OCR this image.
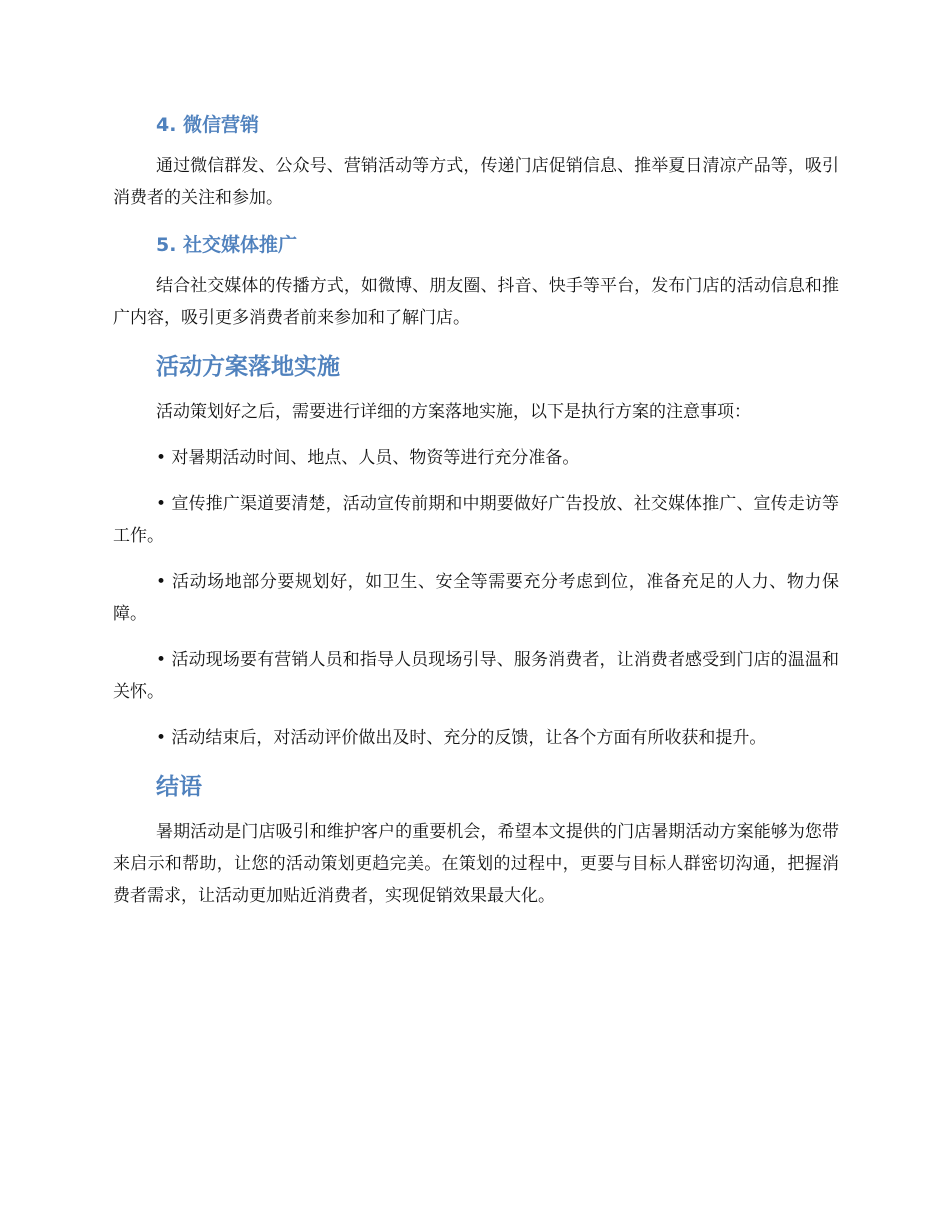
4. 微信营销

通过微信群发、公众号、营销活动等方式，传递门店促销信息、推举夏日清凉产品等，吸引消费者的关注和参加。

5. 社交媒体推广

结合社交媒体的传播方式，如微博、朋友圈、抖音、快手等平台，发布门店的活动信息和推广内容，吸引更多消费者前来参加和了解门店。

活动方案落地实施

活动策划好之后，需要进行详细的方案落地实施，以下是执行方案的注意事项：

• 对暑期活动时间、地点、人员、物资等进行充分准备。

• 宣传推广渠道要清楚，活动宣传前期和中期要做好广告投放、社交媒体推广、宣传走访等工作。

• 活动场地部分要规划好，如卫生、安全等需要充分考虑到位，准备充足的人力、物力保障。

• 活动现场要有营销人员和指导人员现场引导、服务消费者，让消费者感受到门店的温温和关怀。

• 活动结束后，对活动评价做出及时、充分的反馈，让各个方面有所收获和提升。

结语

暑期活动是门店吸引和维护客户的重要机会，希望本文提供的门店暑期活动方案能够为您带来启示和帮助，让您的活动策划更趋完美。在策划的过程中，更要与目标人群密切沟通，把握消费者需求，让活动更加贴近消费者，实现促销效果最大化。
